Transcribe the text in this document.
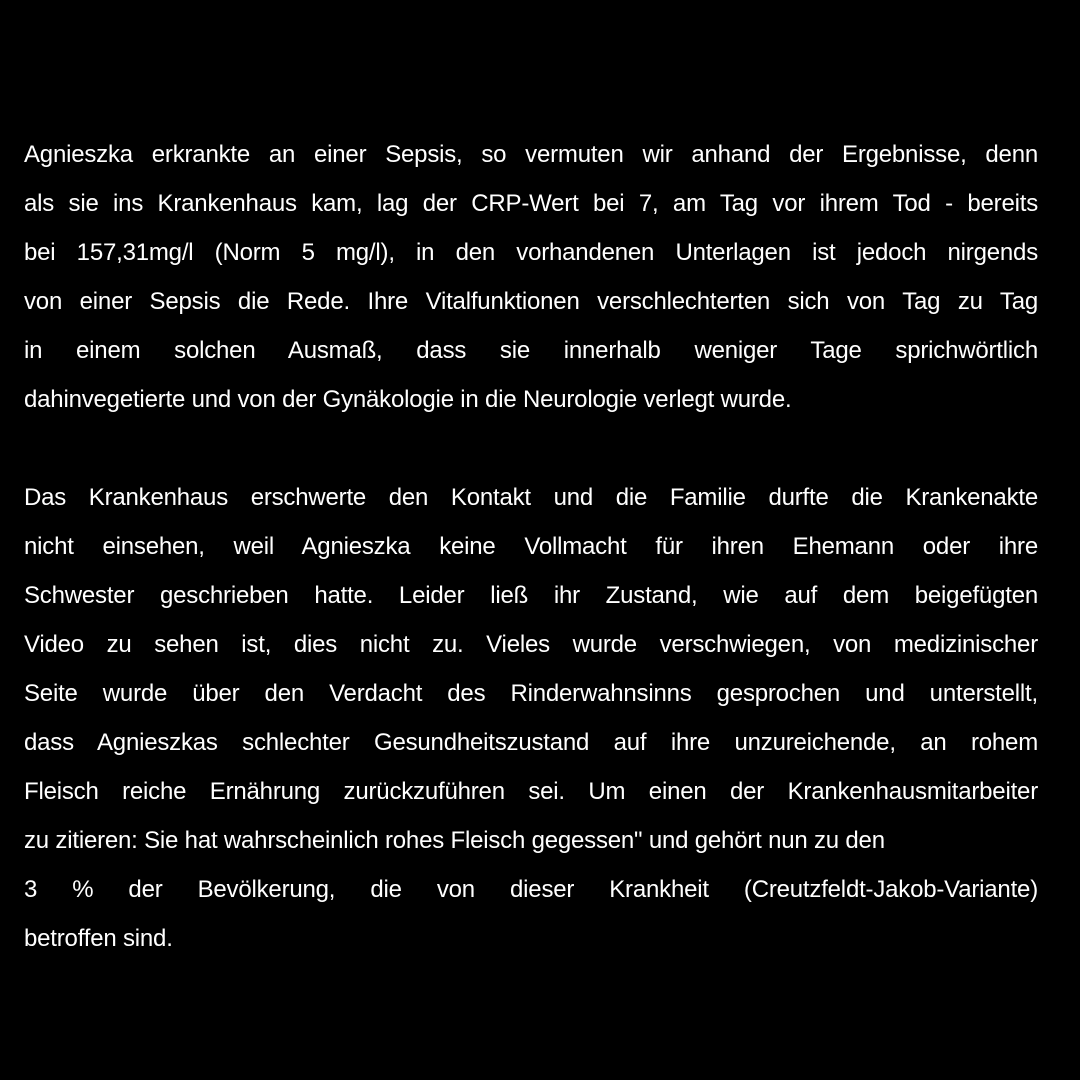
Agnieszka erkrankte an einer Sepsis, so vermuten wir anhand der Ergebnisse, denn
als sie ins Krankenhaus kam, lag der CRP-Wert bei 7, am Tag vor ihrem Tod - bereits
bei 157,31mg/l (Norm 5 mg/l), in den vorhandenen Unterlagen ist jedoch nirgends
von einer Sepsis die Rede. Ihre Vitalfunktionen verschlechterten sich von Tag zu Tag
in einem solchen Ausmaß, dass sie innerhalb weniger Tage sprichwörtlich
dahinvegetierte und von der Gynäkologie in die Neurologie verlegt wurde.

Das Krankenhaus erschwerte den Kontakt und die Familie durfte die Krankenakte
nicht einsehen, weil Agnieszka keine Vollmacht für ihren Ehemann oder ihre
Schwester geschrieben hatte. Leider ließ ihr Zustand, wie auf dem beigefügten
Video zu sehen ist, dies nicht zu. Vieles wurde verschwiegen, von medizinischer
Seite wurde über den Verdacht des Rinderwahnsinns gesprochen und unterstellt,
dass Agnieszkas schlechter Gesundheitszustand auf ihre unzureichende, an rohem
Fleisch reiche Ernährung zurückzuführen sei. Um einen der Krankenhausmitarbeiter
zu zitieren: Sie hat wahrscheinlich rohes Fleisch gegessen" und gehört nun zu den
3 % der Bevölkerung, die von dieser Krankheit (Creutzfeldt-Jakob-Variante)
betroffen sind.
